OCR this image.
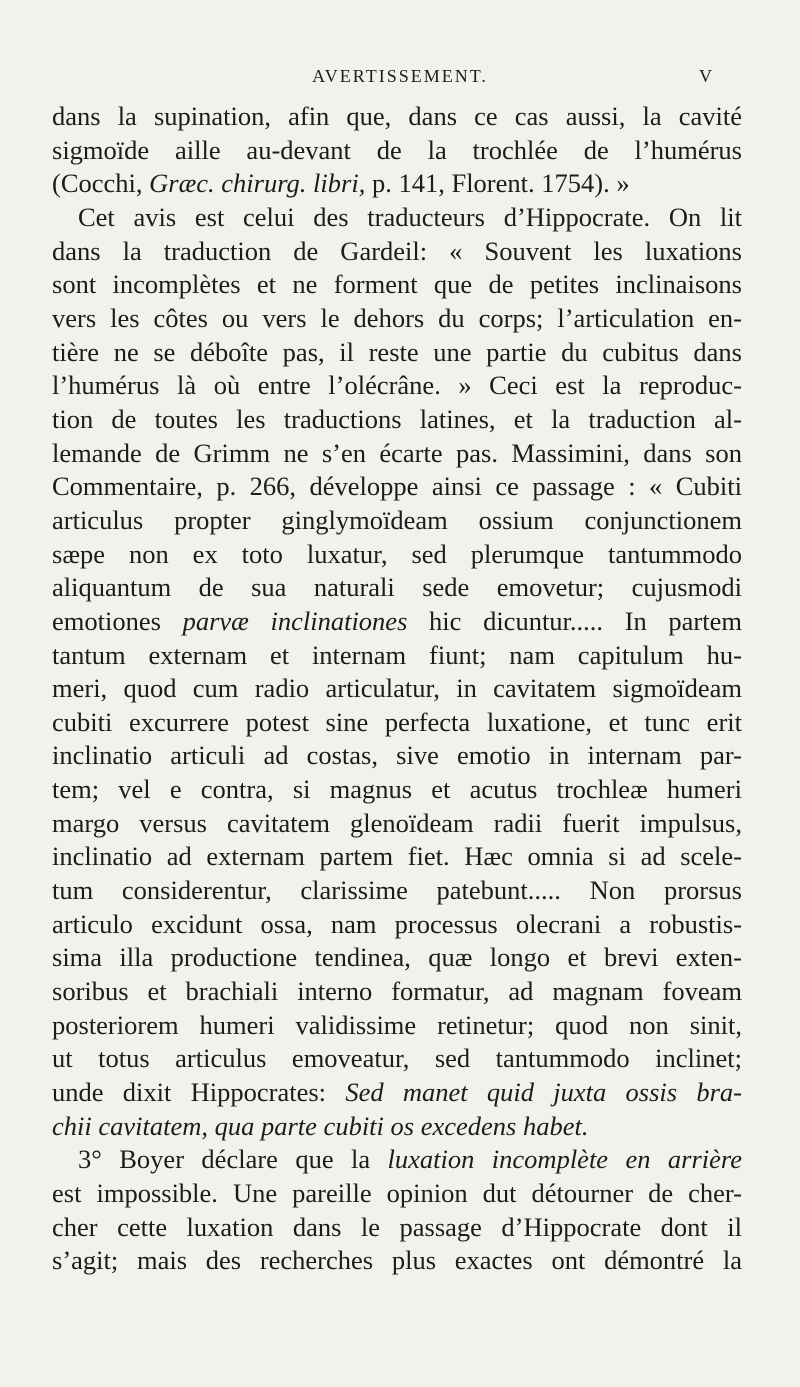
AVERTISSEMENT.	V
dans la supination, afin que, dans ce cas aussi, la cavité
sigmoïde aille au-devant de la trochlée de l’humérus
(Cocchi, Græc. chirurg. libri, p. 141, Florent. 1754). »
Cet avis est celui des traducteurs d’Hippocrate. On lit
dans la traduction de Gardeil: « Souvent les luxations
sont incomplètes et ne forment que de petites inclinaisons
vers les côtes ou vers le dehors du corps; l’articulation en-
tière ne se déboîte pas, il reste une partie du cubitus dans
l’humérus là où entre l’olécrâne. » Ceci est la reproduc-
tion de toutes les traductions latines, et la traduction al-
lemande de Grimm ne s’en écarte pas. Massimini, dans son
Commentaire, p. 266, développe ainsi ce passage : « Cubiti
articulus propter ginglymoïdeam ossium conjunctionem
sæpe non ex toto luxatur, sed plerumque tantummodo
aliquantum de sua naturali sede emovetur; cujusmodi
emotiones parvæ inclinationes hic dicuntur..... In partem
tantum externam et internam fiunt; nam capitulum hu-
meri, quod cum radio articulatur, in cavitatem sigmoïdeam
cubiti excurrere potest sine perfecta luxatione, et tunc erit
inclinatio articuli ad costas, sive emotio in internam par-
tem; vel e contra, si magnus et acutus trochleæ humeri
margo versus cavitatem glenoïdeam radii fuerit impulsus,
inclinatio ad externam partem fiet. Hæc omnia si ad scele-
tum considerentur, clarissime patebunt..... Non prorsus
articulo excidunt ossa, nam processus olecrani a robustis-
sima illa productione tendinea, quæ longo et brevi exten-
soribus et brachiali interno formatur, ad magnam foveam
posteriorem humeri validissime retinetur; quod non sinit,
ut totus articulus emoveatur, sed tantummodo inclinet;
unde dixit Hippocrates: Sed manet quid juxta ossis bra-
chii cavitatem, qua parte cubiti os excedens habet.
3° Boyer déclare que la luxation incomplète en arrière
est impossible. Une pareille opinion dut détourner de cher-
cher cette luxation dans le passage d’Hippocrate dont il
s’agit; mais des recherches plus exactes ont démontré la
